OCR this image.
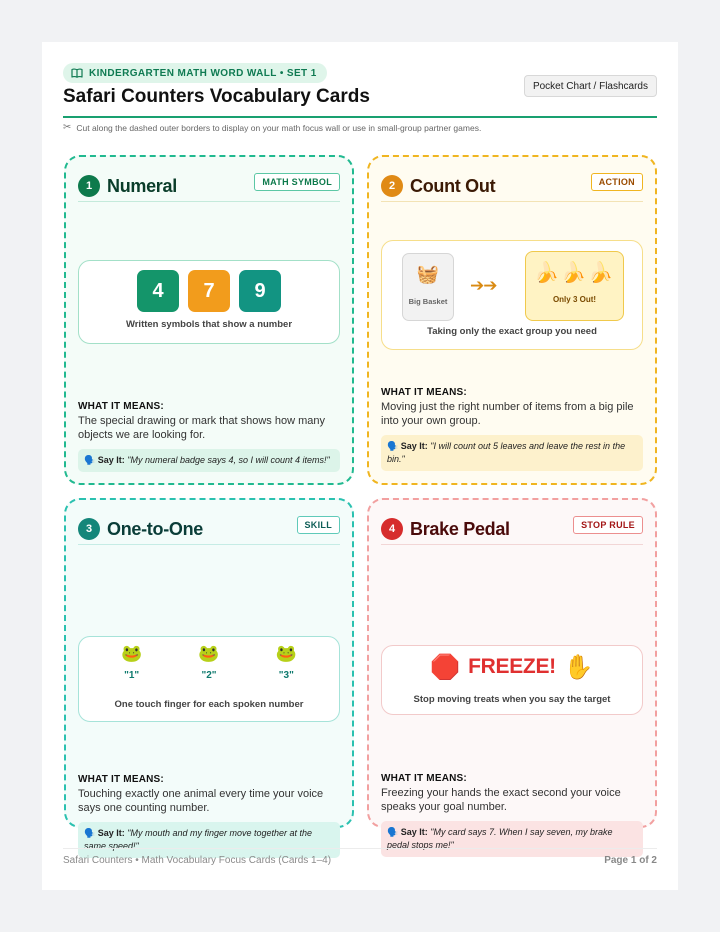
KINDERGARTEN MATH WORD WALL • SET 1
Safari Counters Vocabulary Cards	Pocket Chart / Flashcards
✂ Cut along the dashed outer borders to display on your math focus wall or use in small-group partner games.
1 Numeral	MATH SYMBOL
4	7	9
Written symbols that show a number
WHAT IT MEANS:
The special drawing or mark that shows how many objects we are looking for.
🗣️ Say It: "My numeral badge says 4, so I will count 4 items!"
2 Count Out	ACTION
🧺
Big Basket
➔➔
🍌🍌🍌
Only 3 Out!
Taking only the exact group you need
WHAT IT MEANS:
Moving just the right number of items from a big pile into your own group.
🗣️ Say It: "I will count out 5 leaves and leave the rest in the bin."
3 One-to-One	SKILL
🐸
"1"
🐸
"2"
🐸
"3"
One touch finger for each spoken number
WHAT IT MEANS:
Touching exactly one animal every time your voice says one counting number.
🗣️ Say It: "My mouth and my finger move together at the same speed!"
4 Brake Pedal	STOP RULE
🛑 FREEZE! ✋
Stop moving treats when you say the target
WHAT IT MEANS:
Freezing your hands the exact second your voice speaks your goal number.
🗣️ Say It: "My card says 7. When I say seven, my brake pedal stops me!"
Safari Counters • Math Vocabulary Focus Cards (Cards 1–4)	Page 1 of 2
